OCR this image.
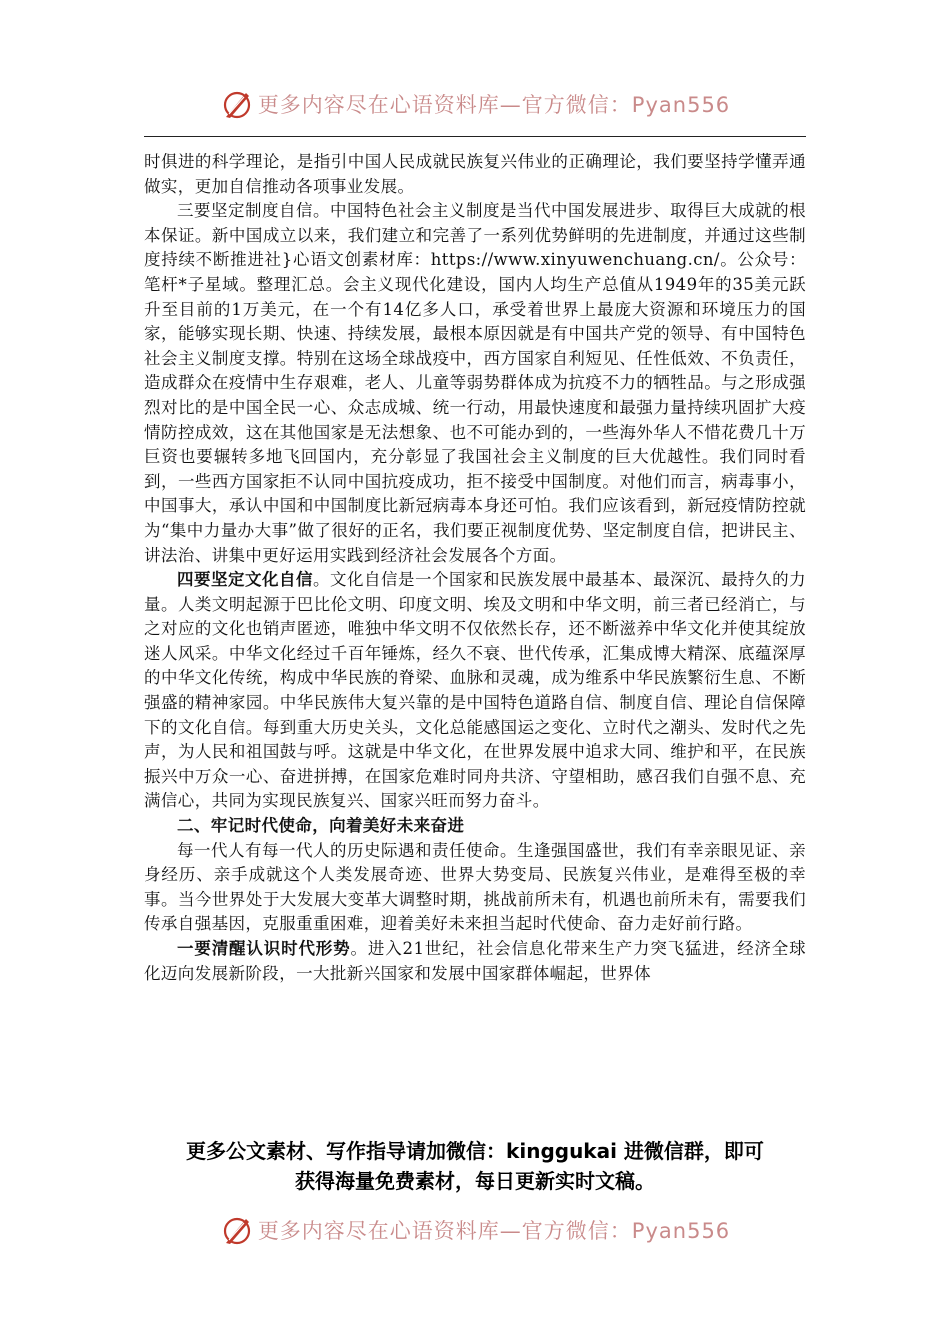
更多内容尽在心语资料库—官方微信：Pyan556

时俱进的科学理论，是指引中国人民成就民族复兴伟业的正确理论，我们要坚持学懂弄通做实，更加自信推动各项事业发展。

三要坚定制度自信。中国特色社会主义制度是当代中国发展进步、取得巨大成就的根本保证。新中国成立以来，我们建立和完善了一系列优势鲜明的先进制度，并通过这些制度持续不断推进社}心语文创素材库：https://www.xinyuwenchuang.cn/。公众号：笔杆*子星域。整理汇总。会主义现代化建设，国内人均生产总值从1949年的35美元跃升至目前的1万美元，在一个有14亿多人口，承受着世界上最庞大资源和环境压力的国家，能够实现长期、快速、持续发展，最根本原因就是有中国共产党的领导、有中国特色社会主义制度支撑。特别在这场全球战疫中，西方国家自利短见、任性低效、不负责任，造成群众在疫情中生存艰难，老人、儿童等弱势群体成为抗疫不力的牺牲品。与之形成强烈对比的是中国全民一心、众志成城、统一行动，用最快速度和最强力量持续巩固扩大疫情防控成效，这在其他国家是无法想象、也不可能办到的，一些海外华人不惜花费几十万巨资也要辗转多地飞回国内，充分彰显了我国社会主义制度的巨大优越性。我们同时看到，一些西方国家拒不认同中国抗疫成功，拒不接受中国制度。对他们而言，病毒事小，中国事大，承认中国和中国制度比新冠病毒本身还可怕。我们应该看到，新冠疫情防控就为“集中力量办大事”做了很好的正名，我们要正视制度优势、坚定制度自信，把讲民主、讲法治、讲集中更好运用实践到经济社会发展各个方面。

四要坚定文化自信。文化自信是一个国家和民族发展中最基本、最深沉、最持久的力量。人类文明起源于巴比伦文明、印度文明、埃及文明和中华文明，前三者已经消亡，与之对应的文化也销声匿迹，唯独中华文明不仅依然长存，还不断滋养中华文化并使其绽放迷人风采。中华文化经过千百年锤炼，经久不衰、世代传承，汇集成博大精深、底蕴深厚的中华文化传统，构成中华民族的脊梁、血脉和灵魂，成为维系中华民族繁衍生息、不断强盛的精神家园。中华民族伟大复兴靠的是中国特色道路自信、制度自信、理论自信保障下的文化自信。每到重大历史关头，文化总能感国运之变化、立时代之潮头、发时代之先声，为人民和祖国鼓与呼。这就是中华文化，在世界发展中追求大同、维护和平，在民族振兴中万众一心、奋进拼搏，在国家危难时同舟共济、守望相助，感召我们自强不息、充满信心，共同为实现民族复兴、国家兴旺而努力奋斗。

二、牢记时代使命，向着美好未来奋进

每一代人有每一代人的历史际遇和责任使命。生逢强国盛世，我们有幸亲眼见证、亲身经历、亲手成就这个人类发展奇迹、世界大势变局、民族复兴伟业，是难得至极的幸事。当今世界处于大发展大变革大调整时期，挑战前所未有，机遇也前所未有，需要我们传承自强基因，克服重重困难，迎着美好未来担当起时代使命、奋力走好前行路。

一要清醒认识时代形势。进入21世纪，社会信息化带来生产力突飞猛进，经济全球化迈向发展新阶段，一大批新兴国家和发展中国家群体崛起，世界体

更多公文素材、写作指导请加微信：kinggukai 进微信群，即可
获得海量免费素材，每日更新实时文稿。
更多内容尽在心语资料库—官方微信：Pyan556
